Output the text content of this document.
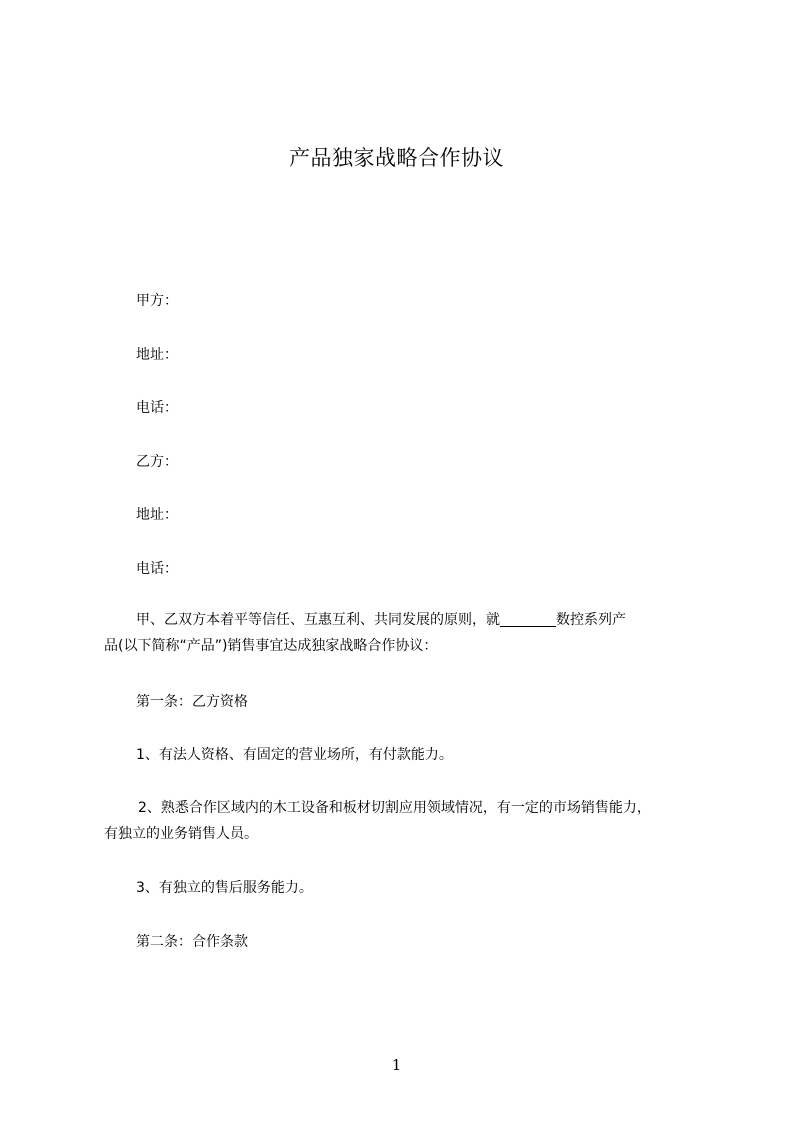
产品独家战略合作协议
甲方：
地址：
电话：
乙方：
地址：
电话：
甲、乙双方本着平等信任、互惠互利、共同发展的原则，就	数控系列产
品(以下简称“产品”)销售事宜达成独家战略合作协议：
第一条：乙方资格
1、有法人资格、有固定的营业场所，有付款能力。
2、熟悉合作区域内的木工设备和板材切割应用领域情况，有一定的市场销售能力，
有独立的业务销售人员。
3、有独立的售后服务能力。
第二条：合作条款
1
